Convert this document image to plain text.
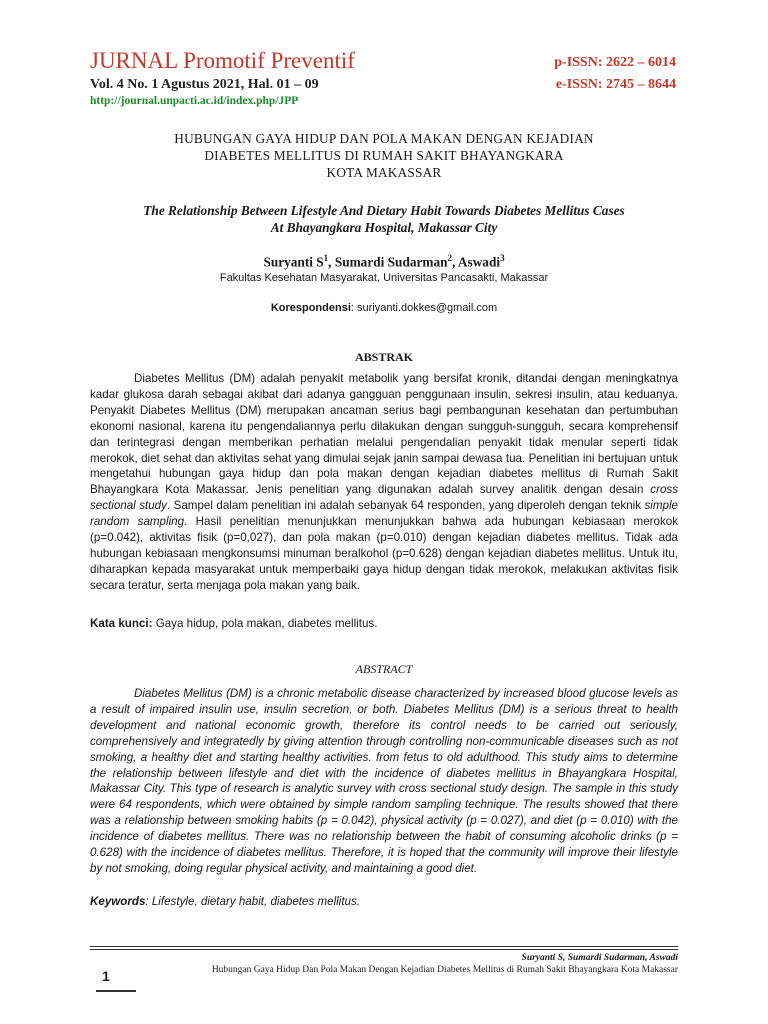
JURNAL Promotif Preventif
Vol. 4 No. 1 Agustus 2021, Hal. 01 – 09
http://journal.unpacti.ac.id/index.php/JPP
p-ISSN: 2622 – 6014
e-ISSN: 2745 – 8644
HUBUNGAN GAYA HIDUP DAN POLA MAKAN DENGAN KEJADIAN
DIABETES MELLITUS DI RUMAH SAKIT BHAYANGKARA
KOTA MAKASSAR
The Relationship Between Lifestyle And Dietary Habit Towards Diabetes Mellitus Cases
At Bhayangkara Hospital, Makassar City
Suryanti $S^1$, Sumardi Sudarman$^2$, Aswadi$^3$
Fakultas Kesehatan Masyarakat, Universitas Pancasakti, Makassar
Korespondensi: suriyanti.dokkes@gmail.com
ABSTRAK

Diabetes Mellitus (DM) adalah penyakit metabolik yang bersifat kronik, ditandai dengan meningkatnya kadar glukosa darah sebagai akibat dari adanya gangguan penggunaan insulin, sekresi insulin, atau keduanya. Penyakit Diabetes Mellitus (DM) merupakan ancaman serius bagi pembangunan kesehatan dan pertumbuhan ekonomi nasional, karena itu pengendaliannya perlu dilakukan dengan sungguh-sungguh, secara komprehensif dan terintegrasi dengan memberikan perhatian melalui pengendalian penyakit tidak menular seperti tidak merokok, diet sehat dan aktivitas sehat yang dimulai sejak janin sampai dewasa tua. Penelitian ini bertujuan untuk mengetahui hubungan gaya hidup dan pola makan dengan kejadian diabetes mellitus di Rumah Sakit Bhayangkara Kota Makassar. Jenis penelitian yang digunakan adalah survey analitik dengan desain cross sectional study. Sampel dalam penelitian ini adalah sebanyak 64 responden, yang diperoleh dengan teknik simple random sampling. Hasil penelitian menunjukkan menunjukkan bahwa ada hubungan kebiasaan merokok (p=0.042), aktivitas fisik (p=0,027), dan pola makan (p=0.010) dengan kejadian diabetes mellitus. Tidak ada hubungan kebiasaan mengkonsumsi minuman beralkohol (p=0.628) dengan kejadian diabetes mellitus. Untuk itu, diharapkan kepada masyarakat untuk memperbaiki gaya hidup dengan tidak merokok, melakukan aktivitas fisik secara teratur, serta menjaga pola makan yang baik.

Kata kunci: Gaya hidup, pola makan, diabetes mellitus.
ABSTRACT

Diabetes Mellitus (DM) is a chronic metabolic disease characterized by increased blood glucose levels as a result of impaired insulin use, insulin secretion, or both. Diabetes Mellitus (DM) is a serious threat to health development and national economic growth, therefore its control needs to be carried out seriously, comprehensively and integratedly by giving attention through controlling non-communicable diseases such as not smoking, a healthy diet and starting healthy activities. from fetus to old adulthood. This study aims to determine the relationship between lifestyle and diet with the incidence of diabetes mellitus in Bhayangkara Hospital, Makassar City. This type of research is analytic survey with cross sectional study design. The sample in this study were 64 respondents, which were obtained by simple random sampling technique. The results showed that there was a relationship between smoking habits (p = 0.042), physical activity (p = 0.027), and diet (p = 0.010) with the incidence of diabetes mellitus. There was no relationship between the habit of consuming alcoholic drinks (p = 0.628) with the incidence of diabetes mellitus. Therefore, it is hoped that the community will improve their lifestyle by not smoking, doing regular physical activity, and maintaining a good diet.

Keywords: Lifestyle, dietary habit, diabetes mellitus.
Suryanti S, Sumardi Sudarman, Aswadi
Hubungan Gaya Hidup Dan Pola Makan Dengan Kejadian Diabetes Mellitus di Rumah Sakit Bhayangkara Kota Makassar
1
